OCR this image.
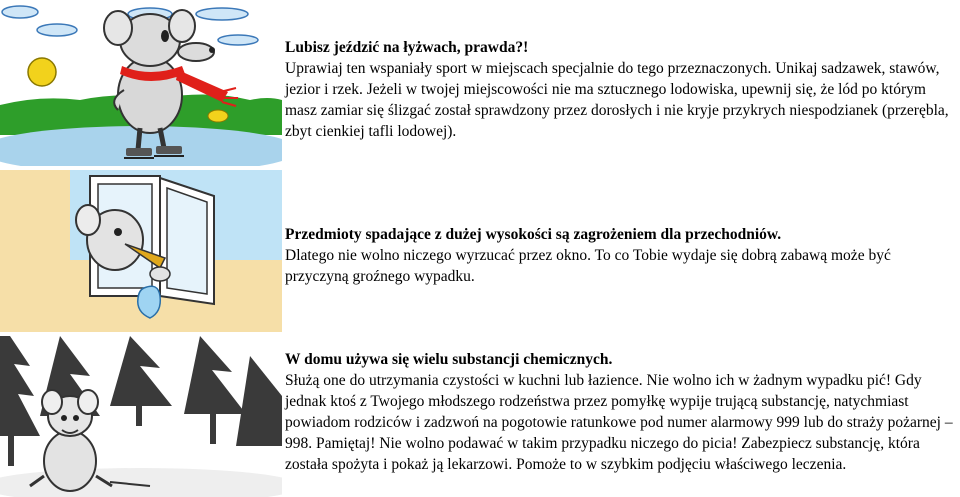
Lubisz jeździć na łyżwach, prawda?!
Uprawiaj ten wspaniały sport w miejscach specjalnie do tego przeznaczonych. Unikaj sadzawek, stawów, jezior i rzek. Jeżeli w twojej miejscowości nie ma sztucznego lodowiska, upewnij się, że lód po którym masz zamiar się ślizgać został sprawdzony przez dorosłych i nie kryje przykrych niespodzianek (przerębla, zbyt cienkiej tafli lodowej).
Przedmioty spadające z dużej wysokości są zagrożeniem dla przechodniów.
Dlatego nie wolno niczego wyrzucać przez okno. To co Tobie wydaje się dobrą zabawą może być przyczyną groźnego wypadku.
W domu używa się wielu substancji chemicznych.
Służą one do utrzymania czystości w kuchni lub łazience. Nie wolno ich w żadnym wypadku pić! Gdy jednak ktoś z Twojego młodszego rodzeństwa przez pomyłkę wypije trującą substancję, natychmiast powiadom rodziców i zadzwoń na pogotowie ratunkowe pod numer alarmowy 999 lub do straży pożarnej – 998. Pamiętaj! Nie wolno podawać w takim przypadku niczego do picia! Zabezpiecz substancję, która została spożyta i pokaż ją lekarzowi. Pomoże to w szybkim podjęciu właściwego leczenia.
